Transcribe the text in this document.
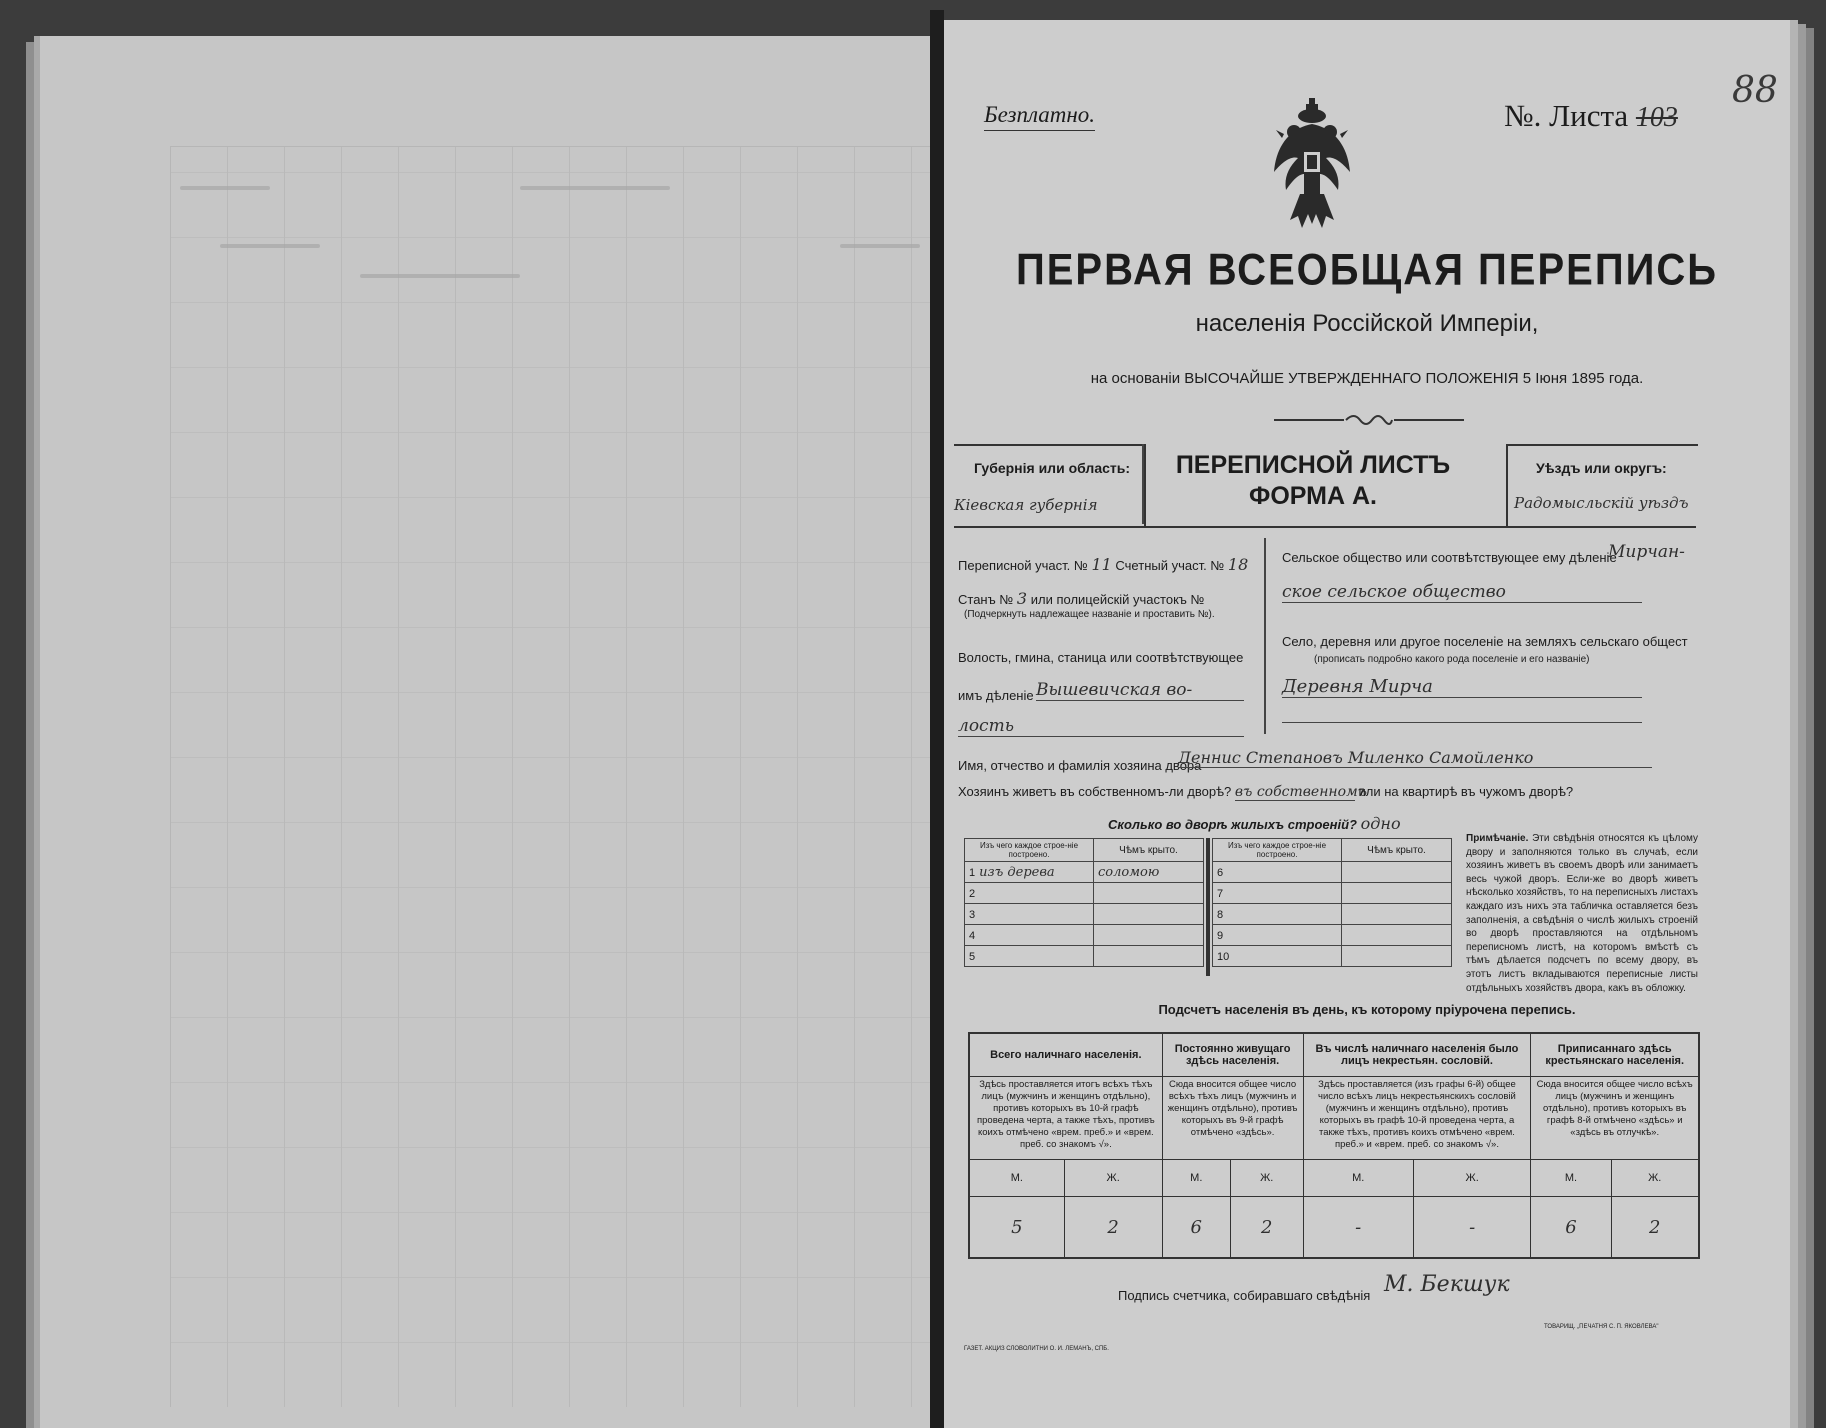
Безплатно.	№. Листа 103
88
ПЕРВАЯ ВСЕОБЩАЯ ПЕРЕПИСЬ
населенія Россійской Имперіи,
на основаніи ВЫСОЧАЙШЕ УТВЕРЖДЕННАГО ПОЛОЖЕНІЯ 5 Іюня 1895 года.
Губернія или область:
Кіевская губернія
ПЕРЕПИСНОЙ ЛИСТЪ
ФОРМА А.
Уѣздъ или округъ:
Радомысльскій уѣздъ
Переписной участ. № 11 Счетный участ. № 18
Станъ № 3 или полицейскій участокъ №
(Подчеркнуть надлежащее названіе и проставить №).
Волость, гмина, станица или соотвѣтствующее
имъ дѣленіе Вышевичская во-
лость
Сельское общество или соотвѣтствующее ему дѣленіе
Мирчан-
ское сельское общество
Село, деревня или другое поселеніе на земляхъ сельскаго общест
(прописать подробно какого рода поселеніе и его названіе)
Деревня Мирча
Имя, отчество и фамилія хозяина двора
Деннис Степановъ Миленко Самойленко
Хозяинъ живетъ въ собственномъ-ли дворѣ? въ собственномъ или на квартирѣ въ чужомъ дворѣ?
Сколько во дворѣ жилыхъ строеній? одно
Изъ чего каждое строе-ніе построено.	Чѣмъ крыто.
1 изъ дерева	соломою
2	
3	
4	
5	
Изъ чего каждое строе-ніе построено.	Чѣмъ крыто.
6	
7	
8	
9	
10	
Примѣчаніе. Эти свѣдѣнія относятся къ цѣлому двору и заполняются только въ случаѣ, если хозяинъ живетъ въ своемъ дворѣ или занимаетъ весь чужой дворъ. Если-же во дворѣ живетъ нѣсколько хозяйствъ, то на переписныхъ листахъ каждаго изъ нихъ эта табличка оставляется безъ заполненія, а свѣдѣнія о числѣ жилыхъ строеній во дворѣ проставляются на отдѣльномъ переписномъ листѣ, на которомъ вмѣстѣ съ тѣмъ дѣлается подсчетъ по всему двору, въ этотъ листъ вкладываются переписные листы отдѣльныхъ хозяйствъ двора, какъ въ обложку.
Подсчетъ населенія въ день, къ которому пріурочена перепись.
Всего наличнаго населенія.		Постоянно живущаго здѣсь населенія.		Въ числѣ наличнаго населенія было лицъ некрестьян. сословій.		Приписаннаго здѣсь крестьянскаго населенія.	
Здѣсь проставляется итогъ всѣхъ тѣхъ лицъ (мужчинъ и женщинъ отдѣльно), противъ которыхъ въ 10-й графѣ проведена черта, а также тѣхъ, противъ коихъ отмѣчено «врем. преб.» и «врем. преб. со знакомъ √».		Сюда вносится общее число всѣхъ тѣхъ лицъ (мужчинъ и женщинъ отдѣльно), противъ которыхъ въ 9-й графѣ отмѣчено «здѣсь».		Здѣсь проставляется (изъ графы 6-й) общее число всѣхъ лицъ некрестьянскихъ сословій (мужчинъ и женщинъ отдѣльно), противъ которыхъ въ графѣ 10-й проведена черта, а также тѣхъ, противъ коихъ отмѣчено «врем. преб.» и «врем. преб. со знакомъ √».		Сюда вносится общее число всѣхъ лицъ (мужчинъ и женщинъ отдѣльно), противъ которыхъ въ графѣ 8-й отмѣчено «здѣсь» и «здѣсь въ отлучкѣ».	
М.	Ж.	М.	Ж.	М.	Ж.	М.	Ж.
5	2	6	2	-	-	6	2
Подпись счетчика, собиравшаго свѣдѣнія М. Бекшук
ГАЗЕТ. АКЦИЗ СЛОВОЛИТНИ О. И. ЛЕМАНЪ, СПБ.
ТОВАРИЩ. „ПЕЧАТНЯ С. П. ЯКОВЛЕВА"
